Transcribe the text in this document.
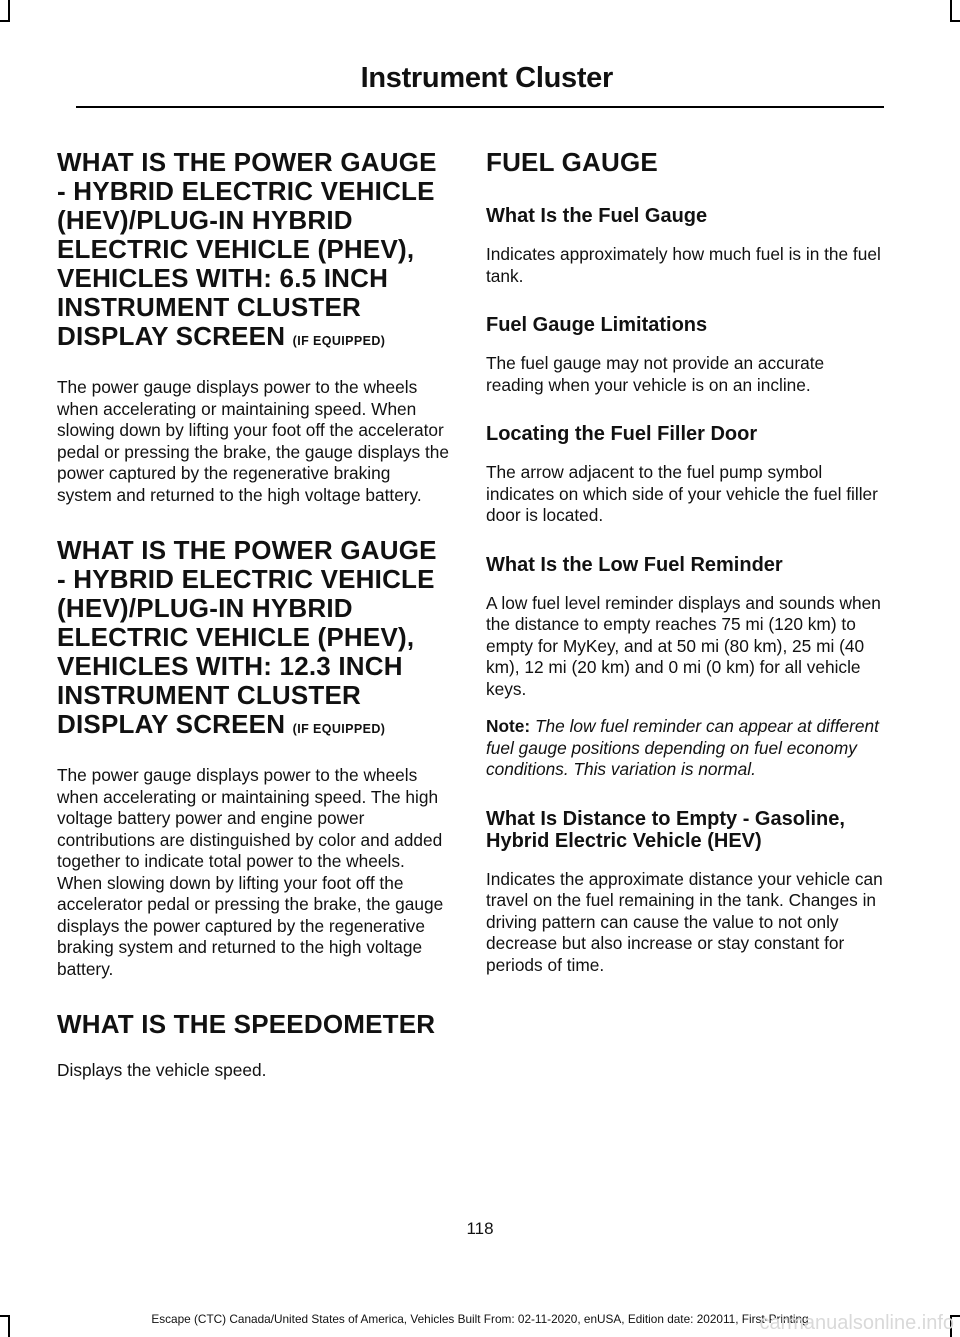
Instrument Cluster
WHAT IS THE POWER GAUGE
- HYBRID ELECTRIC VEHICLE
(HEV)/PLUG-IN HYBRID
ELECTRIC VEHICLE (PHEV),
VEHICLES WITH: 6.5 INCH
INSTRUMENT CLUSTER
DISPLAY SCREEN (IF EQUIPPED)

The power gauge displays power to the wheels when accelerating or maintaining speed. When slowing down by lifting your foot off the accelerator pedal or pressing the brake, the gauge displays the power captured by the regenerative braking system and returned to the high voltage battery.

WHAT IS THE POWER GAUGE
- HYBRID ELECTRIC VEHICLE
(HEV)/PLUG-IN HYBRID
ELECTRIC VEHICLE (PHEV),
VEHICLES WITH: 12.3 INCH
INSTRUMENT CLUSTER
DISPLAY SCREEN (IF EQUIPPED)

The power gauge displays power to the wheels when accelerating or maintaining speed. The high voltage battery power and engine power contributions are distinguished by color and added together to indicate total power to the wheels. When slowing down by lifting your foot off the accelerator pedal or pressing the brake, the gauge displays the power captured by the regenerative braking system and returned to the high voltage battery.

WHAT IS THE SPEEDOMETER

Displays the vehicle speed.

FUEL GAUGE
What Is the Fuel Gauge

Indicates approximately how much fuel is in the fuel tank.

Fuel Gauge Limitations

The fuel gauge may not provide an accurate reading when your vehicle is on an incline.

Locating the Fuel Filler Door

The arrow adjacent to the fuel pump symbol indicates on which side of your vehicle the fuel filler door is located.

What Is the Low Fuel Reminder

A low fuel level reminder displays and sounds when the distance to empty reaches 75 mi (120 km) to empty for MyKey, and at 50 mi (80 km), 25 mi (40 km), 12 mi (20 km) and 0 mi (0 km) for all vehicle keys.

Note: The low fuel reminder can appear at different fuel gauge positions depending on fuel economy conditions. This variation is normal.

What Is Distance to Empty - Gasoline, Hybrid Electric Vehicle (HEV)

Indicates the approximate distance your vehicle can travel on the fuel remaining in the tank. Changes in driving pattern can cause the value to not only decrease but also increase or stay constant for periods of time.

118
Escape (CTC) Canada/United States of America, Vehicles Built From: 02-11-2020, enUSA, Edition date: 202011, First-Printing
carmanualsonline.info
